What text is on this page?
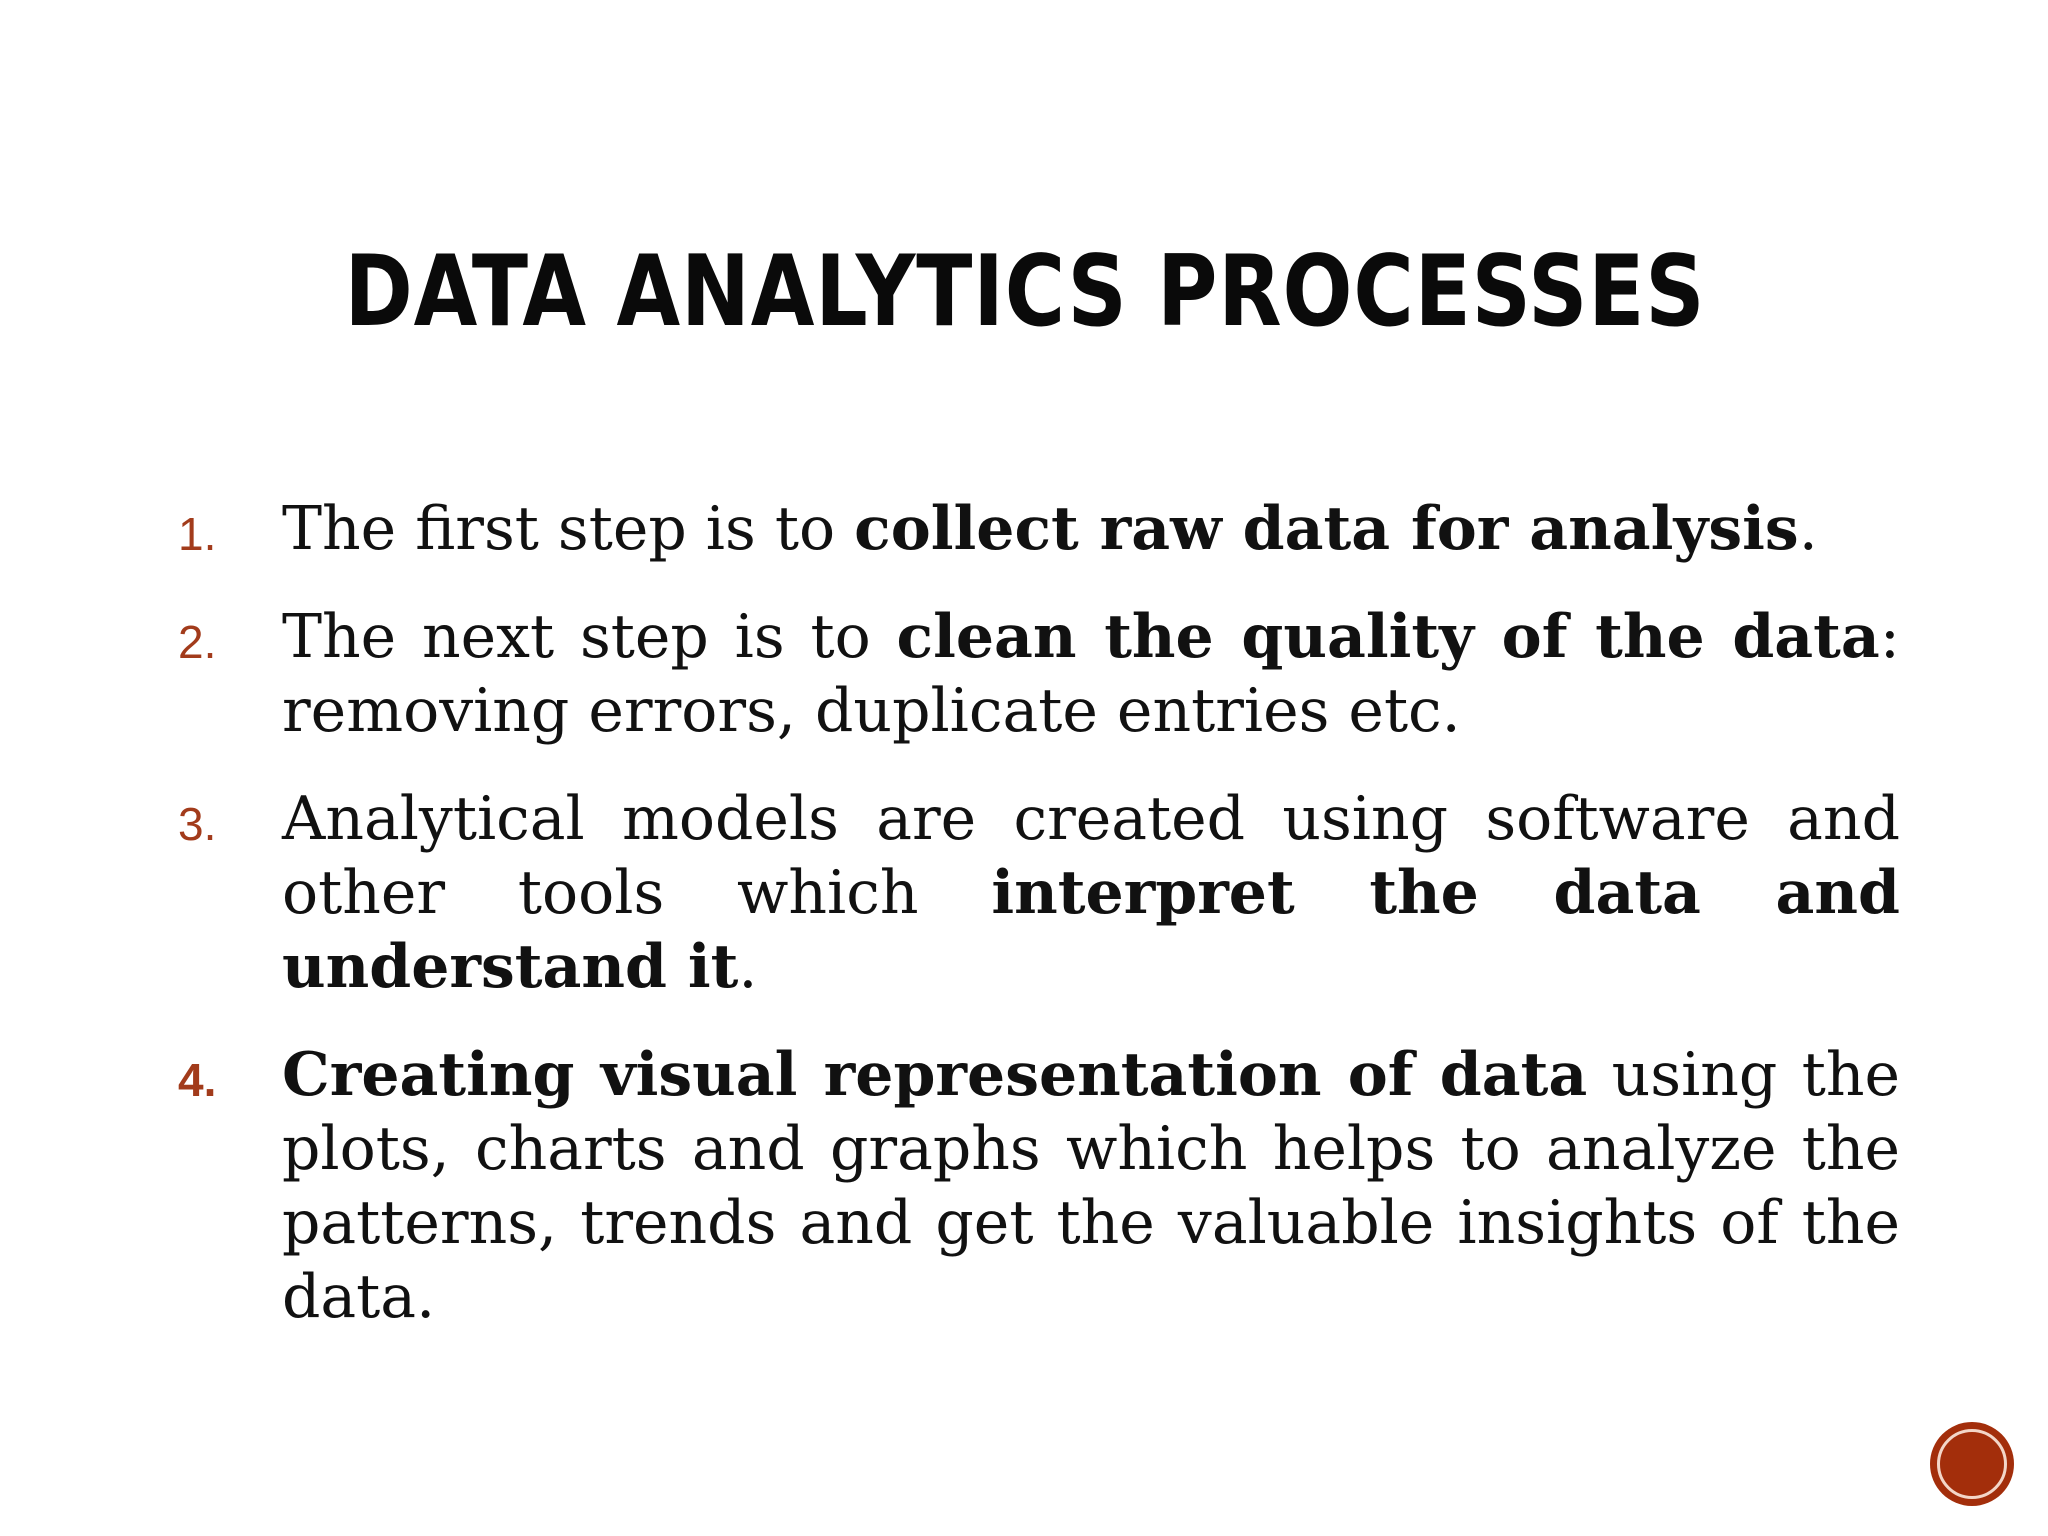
DATA ANALYTICS PROCESSES
1. The first step is to collect raw data for analysis.
2. The next step is to clean the quality of the data: removing errors, duplicate entries etc.
3. Analytical models are created using software and other tools which interpret the data and understand it.
4. Creating visual representation of data using the plots, charts and graphs which helps to analyze the patterns, trends and get the valuable insights of the data.
